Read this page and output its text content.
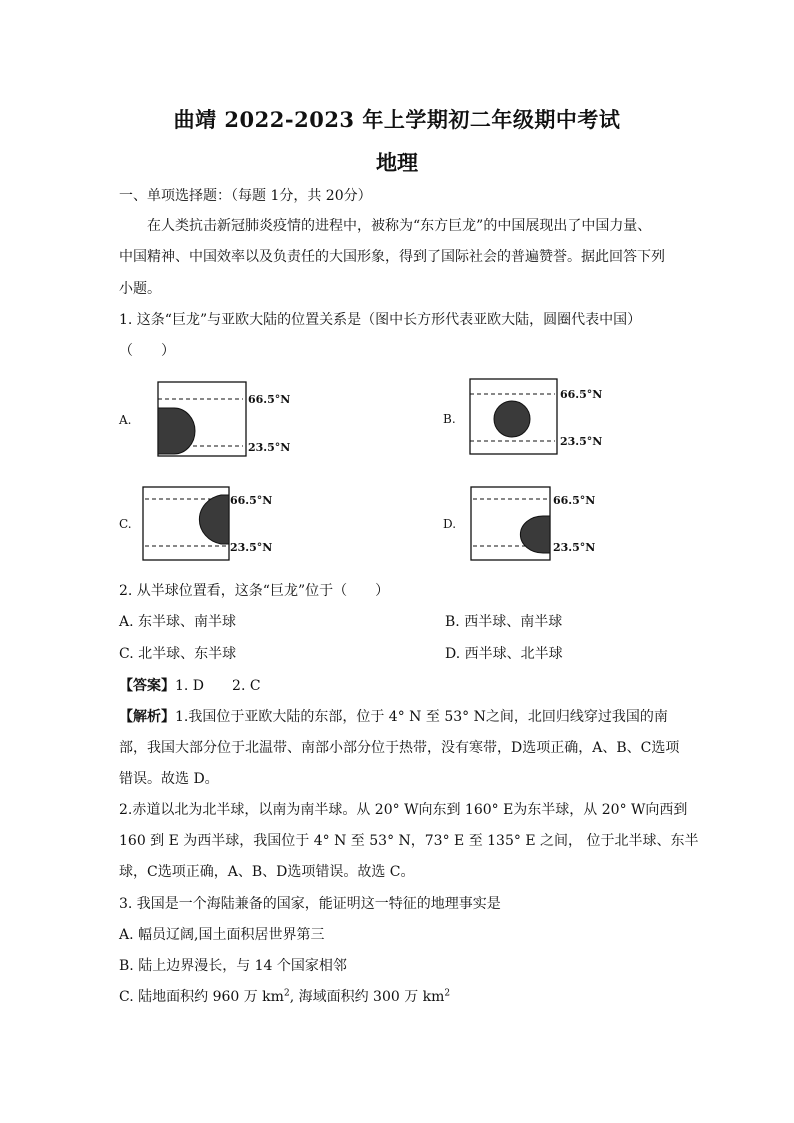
曲靖 2022-2023 年上学期初二年级期中考试
地理
一、单项选择题：（每题 1分，共 20分）
在人类抗击新冠肺炎疫情的进程中，被称为“东方巨龙”的中国展现出了中国力量、
中国精神、中国效率以及负责任的大国形象，得到了国际社会的普遍赞誉。据此回答下列
小题。
1. 这条“巨龙”与亚欧大陆的位置关系是（图中长方形代表亚欧大陆，圆圈代表中国）
（　　）
A.
66.5°N
23.5°N
B.
66.5°N
23.5°N
C.
66.5°N
23.5°N
D.
66.5°N
23.5°N
2. 从半球位置看，这条“巨龙”位于（　　）
A. 东半球、南半球	B. 西半球、南半球
C. 北半球、东半球	D. 西半球、北半球
【答案】1. D　　2. C
【解析】1.我国位于亚欧大陆的东部，位于 4° N 至 53° N之间，北回归线穿过我国的南
部，我国大部分位于北温带、南部小部分位于热带，没有寒带，D选项正确，A、B、C选项
错误。故选 D。
2.赤道以北为北半球，以南为南半球。从 20° W向东到 160° E为东半球，从 20° W向西到
160 到 E 为西半球，我国位于 4° N 至 53° N，73° E 至 135° E 之间， 位于北半球、东半
球，C选项正确，A、B、D选项错误。故选 C。
3. 我国是一个海陆兼备的国家，能证明这一特征的地理事实是
A. 幅员辽阔,国土面积居世界第三
B. 陆上边界漫长，与 14 个国家相邻
C. 陆地面积约 960 万 $km^2$, 海域面积约 300 万 $km^2$
